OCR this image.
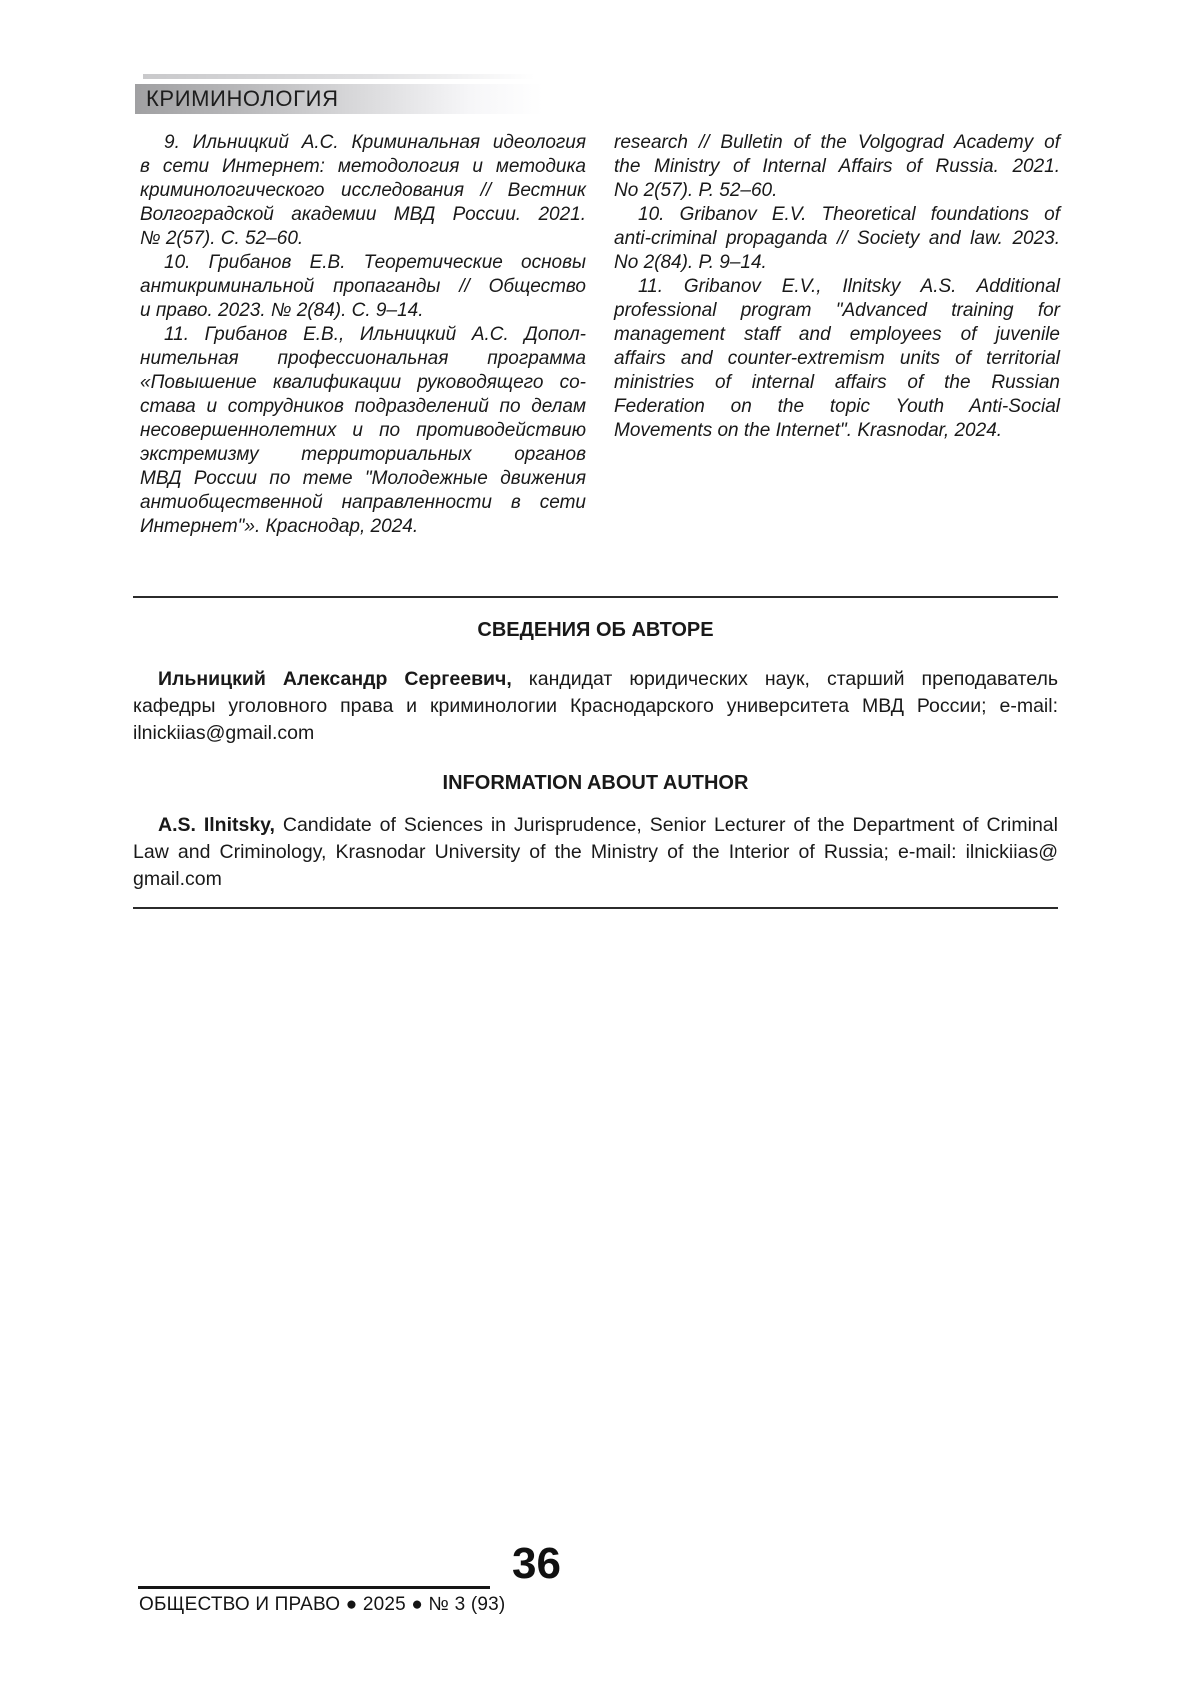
КРИМИНОЛОГИЯ
9. Ильницкий А.С. Криминальная идеология
в сети Интернет: методология и методика
криминологического исследования // Вестник
Волгоградской академии МВД России. 2021.
№ 2(57). С. 52–60.
10. Грибанов Е.В. Теоретические основы
антикриминальной пропаганды // Общество
и право. 2023. № 2(84). С. 9–14.
11. Грибанов Е.В., Ильницкий А.С. Допол-
нительная профессиональная программа
«Повышение квалификации руководящего со-
става и сотрудников подразделений по делам
несовершеннолетних и по противодействию
экстремизму территориальных органов
МВД России по теме "Молодежные движения
антиобщественной направленности в сети
Интернет"». Краснодар, 2024.
research // Bulletin of the Volgograd Academy of
the Ministry of Internal Affairs of Russia. 2021.
No 2(57). P. 52–60.
10. Gribanov E.V. Theoretical foundations of
anti-criminal propaganda // Society and law. 2023.
No 2(84). P. 9–14.
11. Gribanov E.V., Ilnitsky A.S. Additional
professional program "Advanced training for
management staff and employees of juvenile
affairs and counter-extremism units of territorial
ministries of internal affairs of the Russian
Federation on the topic Youth Anti-Social
Movements on the Internet". Krasnodar, 2024.
СВЕДЕНИЯ ОБ АВТОРЕ
Ильницкий Александр Сергеевич, кандидат юридических наук, старший преподаватель
кафедры уголовного права и криминологии Краснодарского университета МВД России; e-mail:
ilnickiias@gmail.com
INFORMATION ABOUT AUTHOR
A.S. Ilnitsky, Candidate of Sciences in Jurisprudence, Senior Lecturer of the Department of Criminal
Law and Criminology, Krasnodar University of the Ministry of the Interior of Russia; e-mail: ilnickiias@
gmail.com
36
ОБЩЕСТВО И ПРАВО ● 2025 ● № 3 (93)
